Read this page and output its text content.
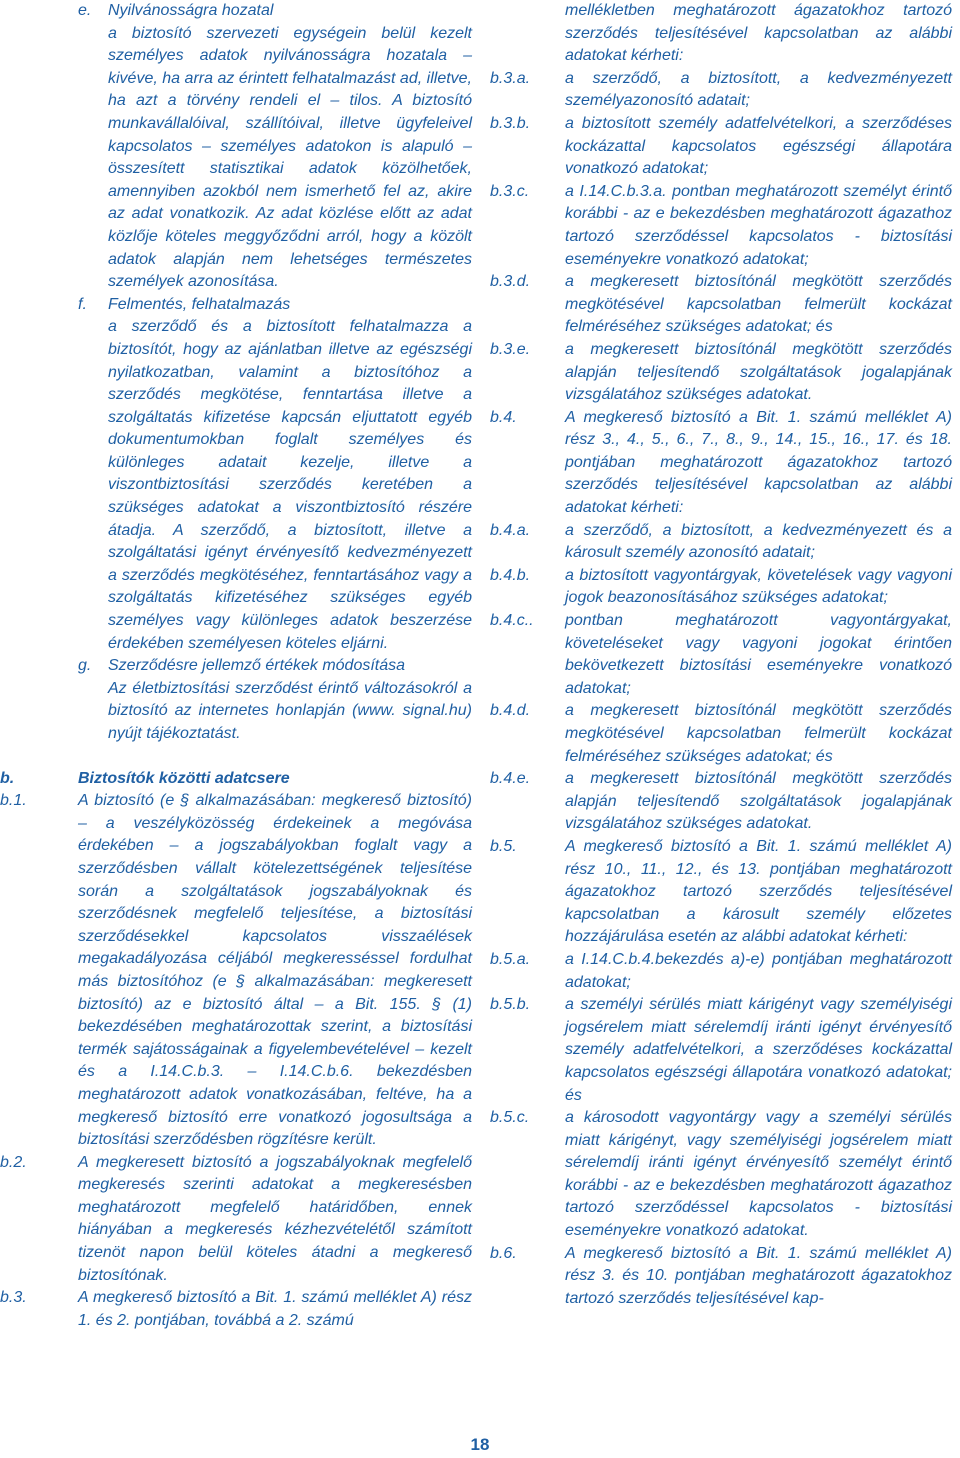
e.	Nyilvánosságra hozatal

a biztosító szervezeti egységein belül kezelt személyes adatok nyilvánosságra hozatala – kivéve, ha arra az érintett felhatalmazást ad, illetve, ha azt a törvény rendeli el – tilos. A biztosító munkavállalóival, szállítóival, illetve ügyfeleivel kapcsolatos – személyes adatokon is alapuló – összesített statisztikai adatok közölhetőek, amennyiben azokból nem ismerhető fel az, akire az adat vonatkozik. Az adat közlése előtt az adat közlője köteles meggyőződni arról, hogy a közölt adatok alapján nem lehetséges természetes személyek azonosítása.

f.	Felmentés, felhatalmazás

a szerződő és a biztosított felhatalmazza a biztosítót, hogy az ajánlatban illetve az egészségi nyilatkozatban, valamint a biztosítóhoz a szerződés megkötése, fenntartása illetve a szolgáltatás kifizetése kapcsán eljuttatott egyéb dokumentumokban foglalt személyes és különleges adatait kezelje, illetve a viszontbiztosítási szerződés keretében a szükséges adatokat a viszontbiztosító részére átadja. A szerződő, a biztosított, illetve a szolgáltatási igényt érvényesítő kedvezményezett a szerződés megkötéséhez, fenntartásához vagy a szolgáltatás kifizetéséhez szükséges egyéb személyes vagy különleges adatok beszerzése érdekében személyesen köteles eljárni.

g.	Szerződésre jellemző értékek módosítása

Az életbiztosítási szerződést érintő változásokról a biztosító az internetes honlapján (www. signal.hu) nyújt tájékoztatást.

b.	Biztosítók közötti adatcsere
b.1.	A biztosító (e § alkalmazásában: megkereső biztosító) – a veszélyközösség érdekeinek a megóvása érdekében – a jogszabályokban foglalt vagy a szerződésben vállalt kötelezettségének teljesítése során a szolgáltatások jogszabályoknak és szerződésnek megfelelő teljesítése, a biztosítási szerződésekkel kapcsolatos visszaélések megakadályozása céljából megkeresséssel fordulhat más biztosítóhoz (e § alkalmazásában: megkeresett biztosító) az e biztosító által – a Bit. 155. § (1) bekezdésében meghatározottak szerint, a biztosítási termék sajátosságainak a figyelembevételével – kezelt és a I.14.C.b.3. – I.14.C.b.6. bekezdésben meghatározott adatok vonatkozásában, feltéve, ha a megkereső biztosító erre vonatkozó jogosultsága a biztosítási szerződésben rögzítésre került.
b.2.	A megkeresett biztosító a jogszabályoknak megfelelő megkeresés szerinti adatokat a megkeresésben meghatározott megfelelő határidőben, ennek hiányában a megkeresés kézhezvételétől számított tizenöt napon belül köteles átadni a megkereső biztosítónak.
b.3.	A megkereső biztosító a Bit. 1. számú melléklet A) rész 1. és 2. pontjában, továbbá a 2. számú
mellékletben meghatározott ágazatokhoz tartozó szerződés teljesítésével kapcsolatban az alábbi adatokat kérheti:
b.3.a.	a szerződő, a biztosított, a kedvezményezett személyazonosító adatait;
b.3.b.	a biztosított személy adatfelvételkori, a szerződéses kockázattal kapcsolatos egészségi állapotára vonatkozó adatokat;
b.3.c.	a I.14.C.b.3.a. pontban meghatározott személyt érintő korábbi - az e bekezdésben meghatározott ágazathoz tartozó szerződéssel kapcsolatos - biztosítási eseményekre vonatkozó adatokat;
b.3.d.	a megkeresett biztosítónál megkötött szerződés megkötésével kapcsolatban felmerült kockázat felméréséhez szükséges adatokat; és
b.3.e.	a megkeresett biztosítónál megkötött szerződés alapján teljesítendő szolgáltatások jogalapjának vizsgálatához szükséges adatokat.
b.4.	A megkereső biztosító a Bit. 1. számú melléklet A) rész 3., 4., 5., 6., 7., 8., 9., 14., 15., 16., 17. és 18. pontjában meghatározott ágazatokhoz tartozó szerződés teljesítésével kapcsolatban az alábbi adatokat kérheti:
b.4.a.	a szerződő, a biztosított, a kedvezményezett és a károsult személy azonosító adatait;
b.4.b.	a biztosított vagyontárgyak, követelések vagy vagyoni jogok beazonosításához szükséges adatokat;
b.4.c..	pontban meghatározott vagyontárgyakat, követeléseket vagy vagyoni jogokat érintően bekövetkezett biztosítási eseményekre vonatkozó adatokat;
b.4.d.	a megkeresett biztosítónál megkötött szerződés megkötésével kapcsolatban felmerült kockázat felméréséhez szükséges adatokat; és
b.4.e.	a megkeresett biztosítónál megkötött szerződés alapján teljesítendő szolgáltatások jogalapjának vizsgálatához szükséges adatokat.
b.5.	A megkereső biztosító a Bit. 1. számú melléklet A) rész 10., 11., 12., és 13. pontjában meghatározott ágazatokhoz tartozó szerződés teljesítésével kapcsolatban a károsult személy előzetes hozzájárulása esetén az alábbi adatokat kérheti:
b.5.a.	a I.14.C.b.4.bekezdés a)-e) pontjában meghatározott adatokat;
b.5.b.	a személyi sérülés miatt kárigényt vagy személyiségi jogsérelem miatt sérelemdíj iránti igényt érvényesítő személy adatfelvételkori, a szerződéses kockázattal kapcsolatos egészségi állapotára vonatkozó adatokat; és
b.5.c.	a károsodott vagyontárgy vagy a személyi sérülés miatt kárigényt, vagy személyiségi jogsérelem miatt sérelemdíj iránti igényt érvényesítő személyt érintő korábbi - az e bekezdésben meghatározott ágazathoz tartozó szerződéssel kapcsolatos - biztosítási eseményekre vonatkozó adatokat.
b.6.	A megkereső biztosító a Bit. 1. számú melléklet A) rész 3. és 10. pontjában meghatározott ágazatokhoz tartozó szerződés teljesítésével kap-
18
